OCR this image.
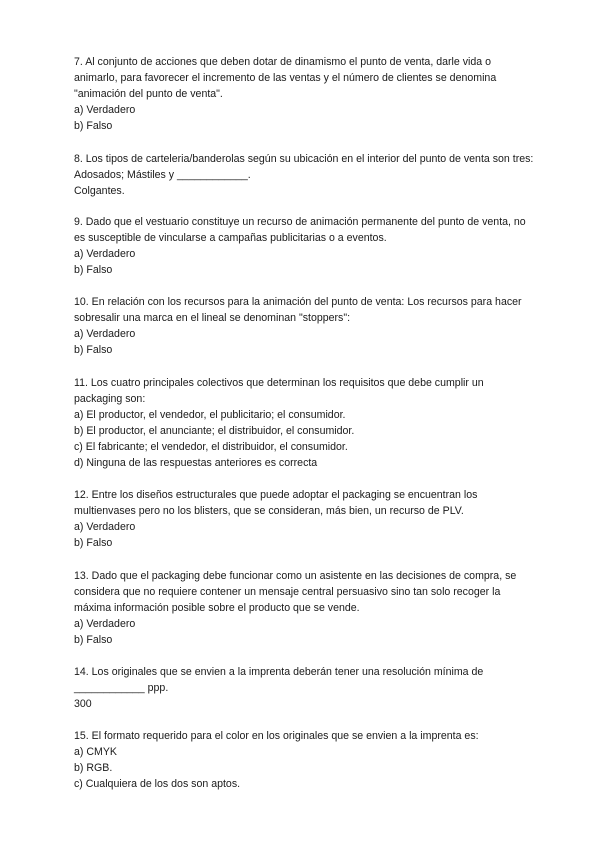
7. Al conjunto de acciones que deben dotar de dinamismo el punto de venta, darle vida o animarlo, para favorecer el incremento de las ventas y el número de clientes se denomina "animación del punto de venta".

a) Verdadero
b) Falso

8. Los tipos de carteleria/banderolas según su ubicación en el interior del punto de venta son tres: Adosados; Mástiles y ____________.

Colgantes.

9. Dado que el vestuario constituye un recurso de animación permanente del punto de venta, no es susceptible de vincularse a campañas publicitarias o a eventos.

a) Verdadero
b) Falso

10. En relación con los recursos para la animación del punto de venta: Los recursos para hacer sobresalir una marca en el lineal se denominan "stoppers":

a) Verdadero
b) Falso

11. Los cuatro principales colectivos que determinan los requisitos que debe cumplir un packaging son:

a) El productor, el vendedor, el publicitario; el consumidor.
b) El productor, el anunciante; el distribuidor, el consumidor.
c) El fabricante; el vendedor, el distribuidor, el consumidor.
d) Ninguna de las respuestas anteriores es correcta

12. Entre los diseños estructurales que puede adoptar el packaging se encuentran los multienvases pero no los blisters, que se consideran, más bien, un recurso de PLV.

a) Verdadero
b) Falso

13. Dado que el packaging debe funcionar como un asistente en las decisiones de compra, se considera que no requiere contener un mensaje central persuasivo sino tan solo recoger la máxima información posible sobre el producto que se vende.

a) Verdadero
b) Falso

14. Los originales que se envien a la imprenta deberán tener una resolución mínima de ____________ ppp.

300

15. El formato requerido para el color en los originales que se envien a la imprenta es:

a) CMYK
b) RGB.
c) Cualquiera de los dos son aptos.
